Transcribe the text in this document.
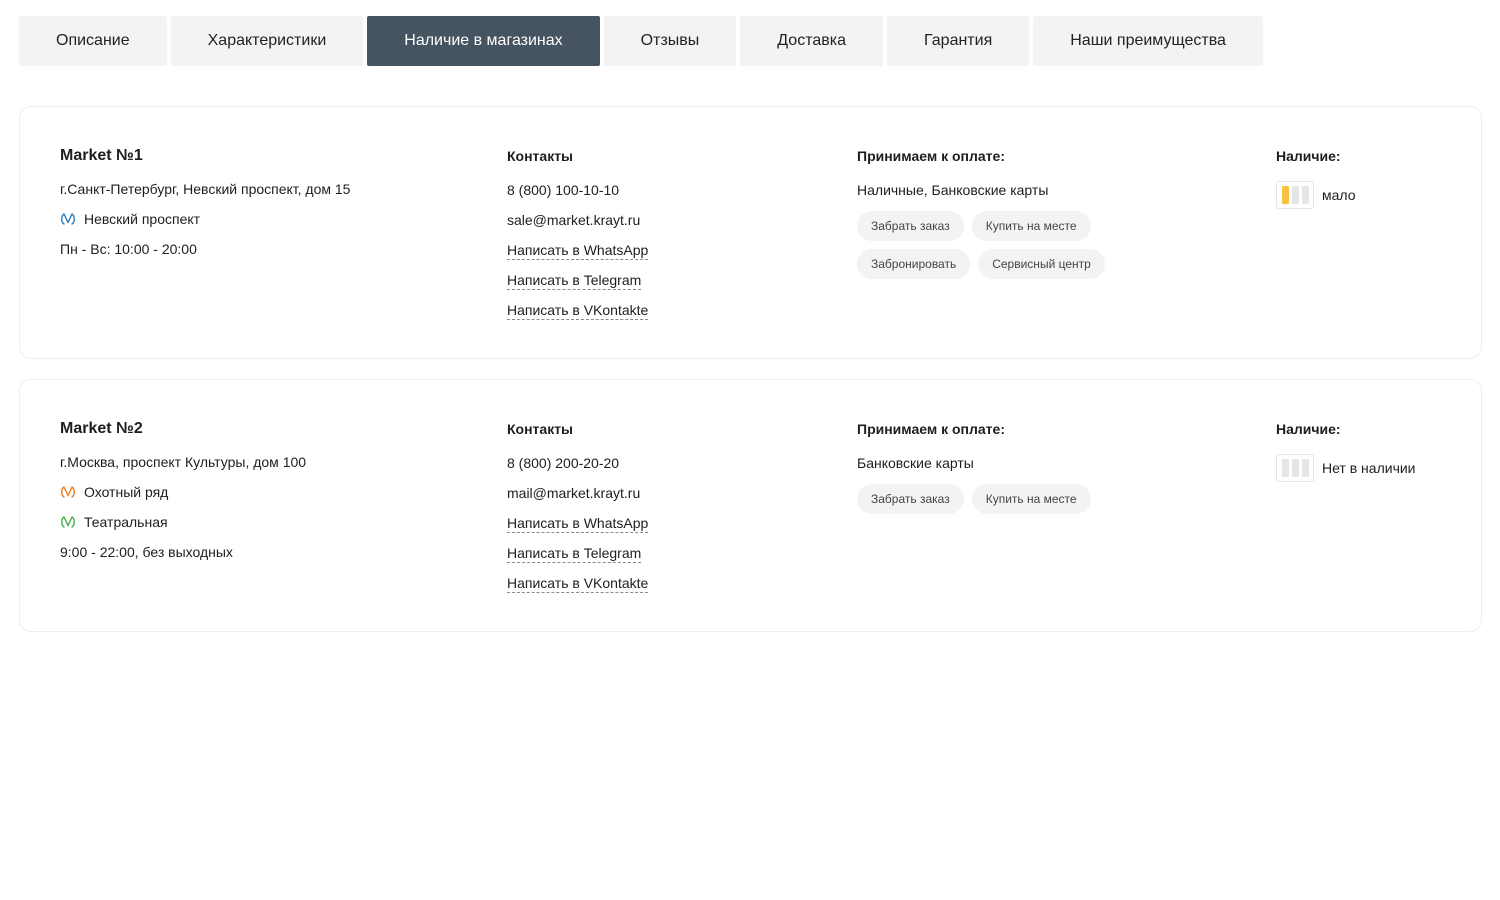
Описание	Характеристики	Наличие в магазинах	Отзывы	Доставка	Гарантия	Наши преимущества
Market №1
г.Санкт-Петербург, Невский проспект, дом 15
Невский проспект
Пн - Вс: 10:00 - 20:00
Контакты
8 (800) 100-10-10
sale@market.krayt.ru
Написать в WhatsApp
Написать в Telegram
Написать в VKontakte
Принимаем к оплате:
Наличные, Банковские карты
Забрать заказ	Купить на месте
Забронировать	Сервисный центр
Наличие:
мало
Market №2
г.Москва, проспект Культуры, дом 100
Охотный ряд
Театральная
9:00 - 22:00, без выходных
Контакты
8 (800) 200-20-20
mail@market.krayt.ru
Написать в WhatsApp
Написать в Telegram
Написать в VKontakte
Принимаем к оплате:
Банковские карты
Забрать заказ	Купить на месте
Наличие:
Нет в наличии
